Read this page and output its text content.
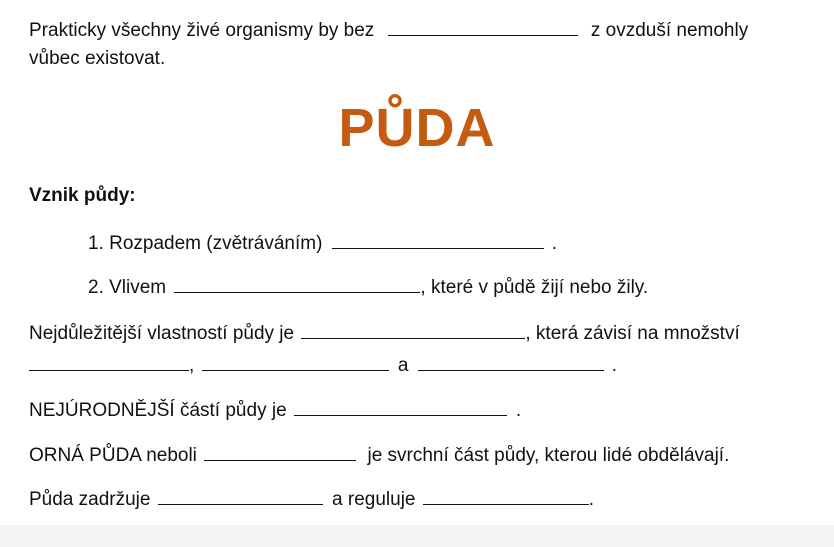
Prakticky všechny živé organismy by bez	z ovzduší nemohly
vůbec existovat.
PŮDA
Vznik půdy:
1. Rozpadem (zvětráváním)	.
2. Vlivem	, které v půdě žijí nebo žily.
Nejdůležitější vlastností půdy je	, která závisí na množství
,	a	.
NEJÚRODNĚJŠÍ částí půdy je	.
ORNÁ PŮDA neboli	je svrchní část půdy, kterou lidé obdělávají.
Půda zadržuje	a reguluje	.
